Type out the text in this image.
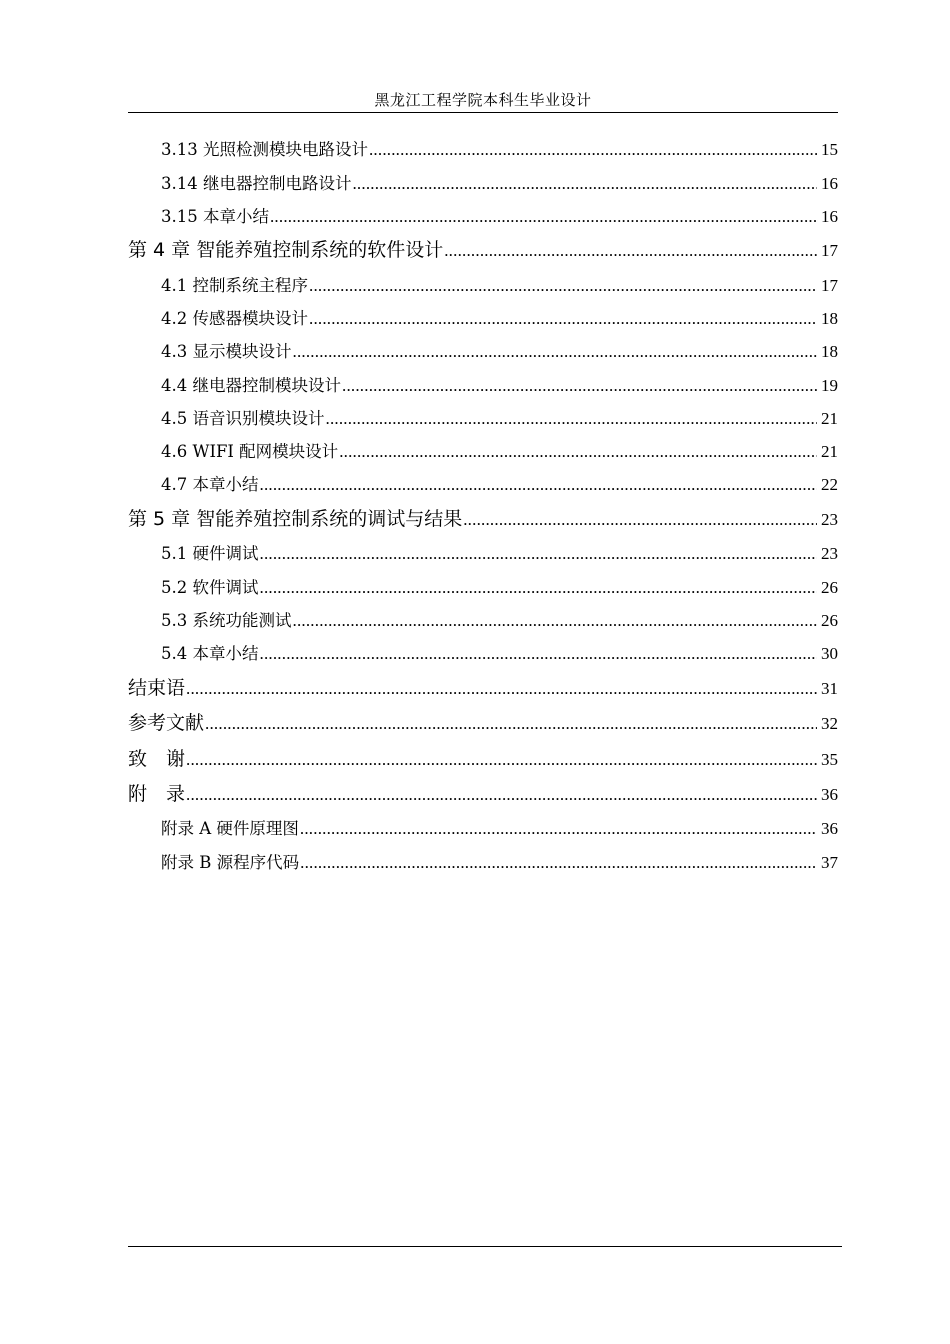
黑龙江工程学院本科生毕业设计
3.13 光照检测模块电路设计 .....	15
3.14 继电器控制电路设计 .....	16
3.15 本章小结 .....	16
第 4 章 智能养殖控制系统的软件设计 .....	17
4.1 控制系统主程序 .....	17
4.2 传感器模块设计 .....	18
4.3 显示模块设计 .....	18
4.4 继电器控制模块设计 .....	19
4.5 语音识别模块设计 .....	21
4.6 WIFI 配网模块设计 .....	21
4.7 本章小结 .....	22
第 5 章 智能养殖控制系统的调试与结果 .....	23
5.1 硬件调试 .....	23
5.2 软件调试 .....	26
5.3 系统功能测试 .....	26
5.4 本章小结 .....	30
结束语 .....	31
参考文献 .....	32
致　谢 .....	35
附　录 .....	36
附录 A 硬件原理图 .....	36
附录 B 源程序代码 .....	37
